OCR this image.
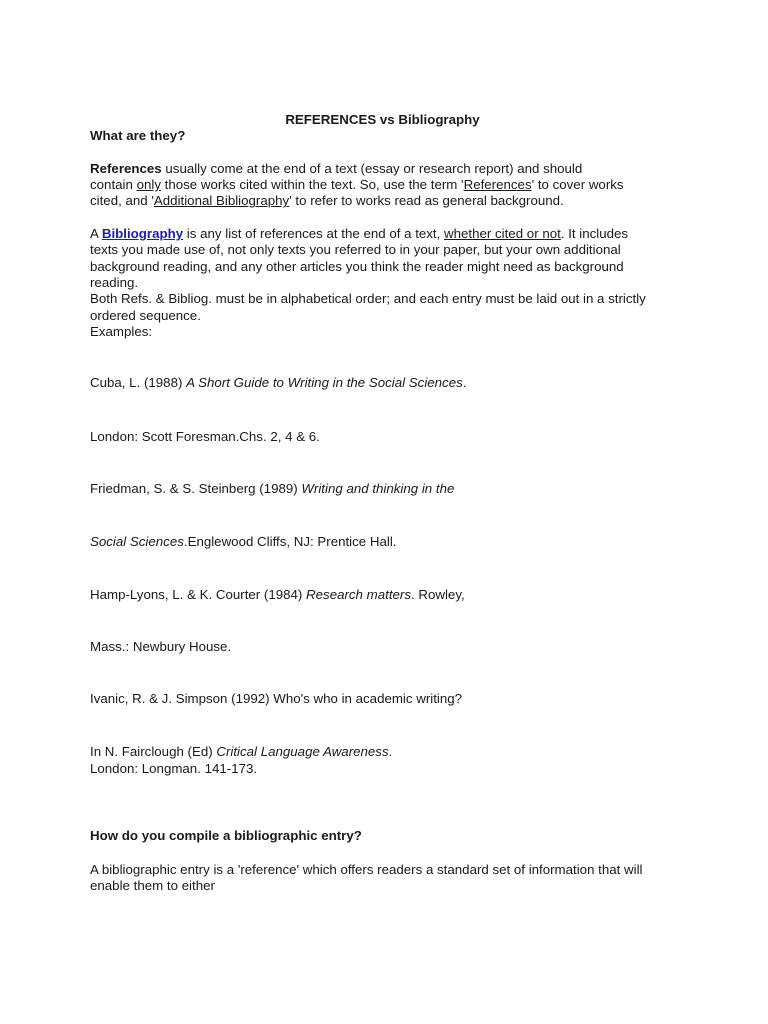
REFERENCES vs Bibliography

What are they?

References usually come at the end of a text (essay or research report) and should

contain only those works cited within the text. So, use the term 'References' to cover works

cited, and 'Additional Bibliography' to refer to works read as general background.

A Bibliography is any list of references at the end of a text, whether cited or not. It includes

texts you made use of, not only texts you referred to in your paper, but your own additional

background reading, and any other articles you think the reader might need as background

reading.

Both Refs. & Bibliog. must be in alphabetical order; and each entry must be laid out in a strictly

ordered sequence.

Examples:

Cuba, L. (1988) A Short Guide to Writing in the Social Sciences.

London: Scott Foresman.Chs. 2, 4 & 6.

Friedman, S. & S. Steinberg (1989) Writing and thinking in the

Social Sciences.Englewood Cliffs, NJ: Prentice Hall.

Hamp-Lyons, L. & K. Courter (1984) Research matters. Rowley,

Mass.: Newbury House.

Ivanic, R. & J. Simpson (1992) Who's who in academic writing?

In N. Fairclough (Ed) Critical Language Awareness.

London: Longman. 141-173.

How do you compile a bibliographic entry?

A bibliographic entry is a 'reference' which offers readers a standard set of information that will

enable them to either
